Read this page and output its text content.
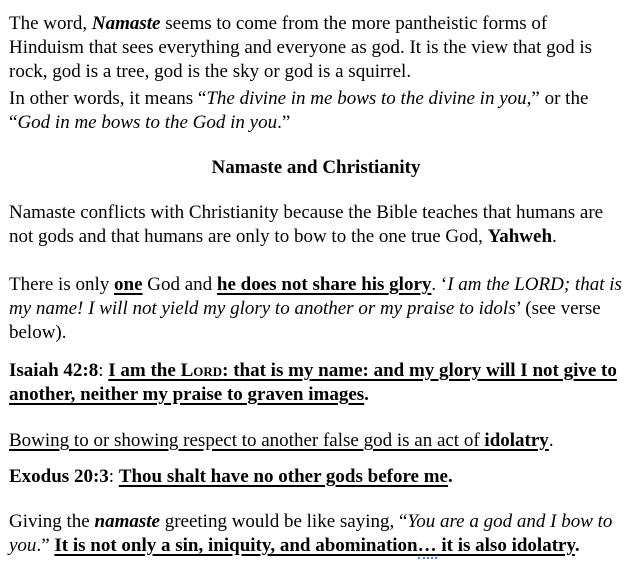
The word, Namaste seems to come from the more pantheistic forms of Hinduism that sees everything and everyone as god. It is the view that god is rock, god is a tree, god is the sky or god is a squirrel.

In other words, it means “The divine in me bows to the divine in you,” or the “God in me bows to the God in you.”

Namaste and Christianity

Namaste conflicts with Christianity because the Bible teaches that humans are not gods and that humans are only to bow to the one true God, Yahweh.

There is only one God and he does not share his glory. ‘I am the LORD; that is my name! I will not yield my glory to another or my praise to idols’ (see verse below).

Isaiah 42:8: I am the Lord: that is my name: and my glory will I not give to another, neither my praise to graven images.

Bowing to or showing respect to another false god is an act of idolatry.

Exodus 20:3: Thou shalt have no other gods before me.

Giving the namaste greeting would be like saying, “You are a god and I bow to you.” It is not only a sin, iniquity, and abomination… it is also idolatry.
